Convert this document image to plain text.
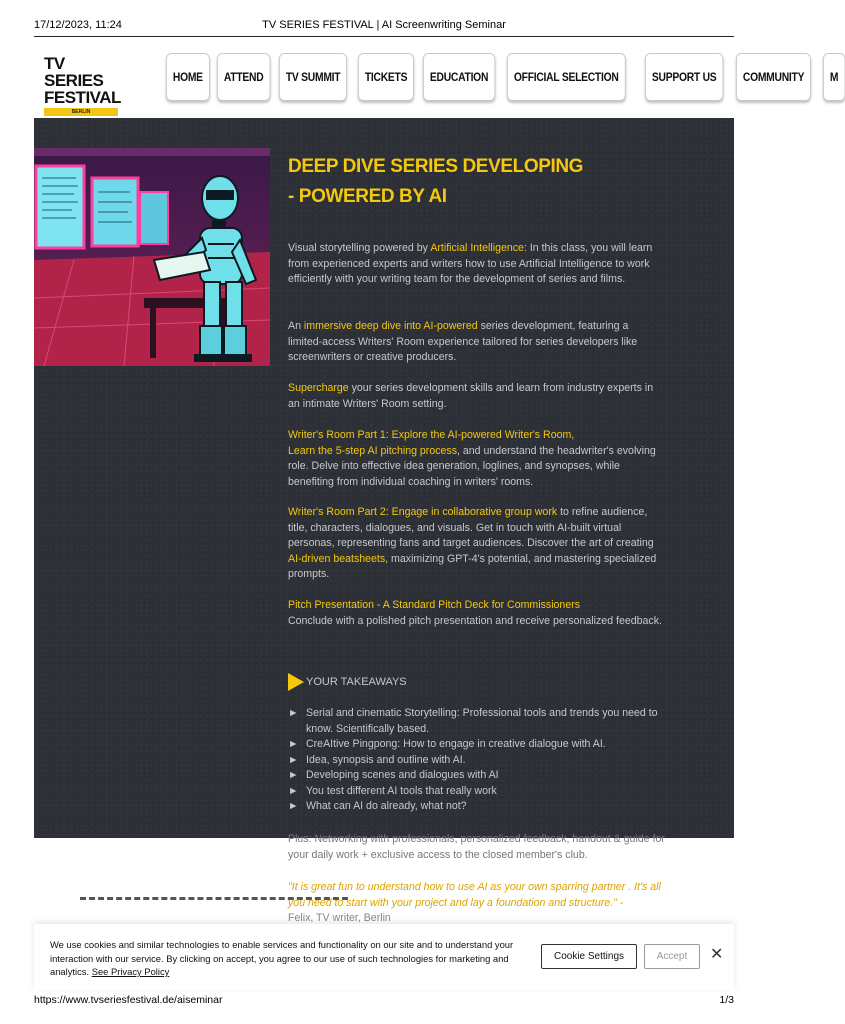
17/12/2023, 11:24	TV SERIES FESTIVAL | AI Screenwriting Seminar
TV SERIES
FESTIVAL
BERLIN
HOME	ATTEND	TV SUMMIT	TICKETS	EDUCATION	OFFICIAL SELECTION	SUPPORT US	COMMUNITY	M
DEEP DIVE SERIES DEVELOPING
- POWERED BY AI

Visual storytelling powered by Artificial Intelligence: In this class, you will learn from experienced experts and writers how to use Artificial Intelligence to work efficiently with your writing team for the development of series and films.

An immersive deep dive into AI-powered series development, featuring a limited-access Writers' Room experience tailored for series developers like screenwriters or creative producers.

Supercharge your series development skills and learn from industry experts in an intimate Writers' Room setting.

Writer's Room Part 1: Explore the AI-powered Writer's Room,
Learn the 5-step AI pitching process, and understand the headwriter's evolving role. Delve into effective idea generation, loglines, and synopses, while benefiting from individual coaching in writers' rooms.

Writer's Room Part 2: Engage in collaborative group work to refine audience, title, characters, dialogues, and visuals. Get in touch with AI-built virtual personas, representing fans and target audiences. Discover the art of creating AI-driven beatsheets, maximizing GPT-4's potential, and mastering specialized prompts.

Pitch Presentation - A Standard Pitch Deck for Commissioners
Conclude with a polished pitch presentation and receive personalized feedback.

YOUR TAKEAWAYS
► Serial and cinematic Storytelling: Professional tools and trends you need to know. Scientifically based.
► CreAItive Pingpong: How to engage in creative dialogue with AI.
► Idea, synopsis and outline with AI.
► Developing scenes and dialogues with AI
► You test different AI tools that really work
► What can AI do already, what not?

Plus: Networking with professionals, personalized feedback, handout & guide for your daily work + exclusive access to the closed member's club.

"It is great fun to understand how to use AI as your own sparring partner . It's all you need to start with your project and lay a foundation and structure." -
Felix, TV writer, Berlin

We use cookies and similar technologies to enable services and functionality on our site and to understand your interaction with our service. By clicking on accept, you agree to our use of such technologies for marketing and analytics. See Privacy Policy

Cookie Settings	Accept	✕
https://www.tvseriesfestival.de/aiseminar	1/3
